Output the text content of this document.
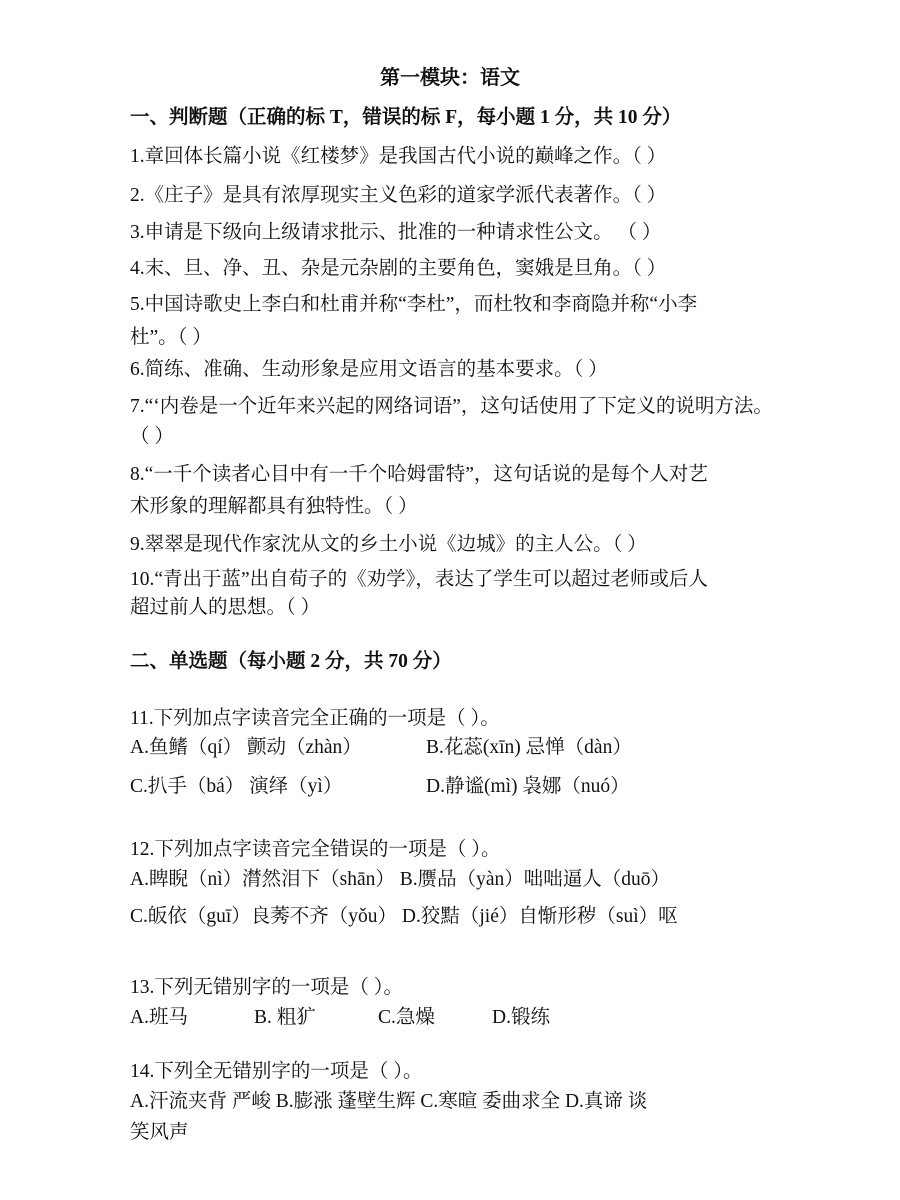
第一模块：语文
一、判断题（正确的标 T，错误的标 F，每小题 1 分，共 10 分）
1.章回体长篇小说《红楼梦》是我国古代小说的巅峰之作。（ ）
2.《庄子》是具有浓厚现实主义色彩的道家学派代表著作。（ ）
3.申请是下级向上级请求批示、批准的一种请求性公文。 （ ）
4.末、旦、净、丑、杂是元杂剧的主要角色，窦娥是旦角。（ ）
5.中国诗歌史上李白和杜甫并称“李杜”，而杜牧和李商隐并称“小李
杜”。（ ）
6.简练、准确、生动形象是应用文语言的基本要求。（ ）
7.“‘内卷是一个近年来兴起的网络词语”，这句话使用了下定义的说明方法。
（ ）
8.“一千个读者心目中有一千个哈姆雷特”，这句话说的是每个人对艺
术形象的理解都具有独特性。（ ）
9.翠翠是现代作家沈从文的乡土小说《边城》的主人公。（ ）
10.“青出于蓝”出自荀子的《劝学》，表达了学生可以超过老师或后人
超过前人的思想。（ ）
二、单选题（每小题 2 分，共 70 分）
11.下列加点字读音完全正确的一项是（ ）。
A.鱼鳍（qí） 颤动（zhàn）	B.花蕊(xīn) 忌惮（dàn）
C.扒手（bá） 演绎（yì）	D.静谧(mì) 袅娜（nuó）
12.下列加点字读音完全错误的一项是（ ）。
A.睥睨（nì）潸然泪下（shān） B.赝品（yàn）咄咄逼人（duō）
C.皈依（guī）良莠不齐（yǒu） D.狡黠（jié）自惭形秽（suì）呕
13.下列无错别字的一项是（ ）。
A.班马	B. 粗犷	C.急燥	D.锻练
14.下列全无错别字的一项是（ ）。
A.汗流夹背 严峻 B.膨涨 蓬壁生辉 C.寒暄 委曲求全 D.真谛 谈
笑风声
